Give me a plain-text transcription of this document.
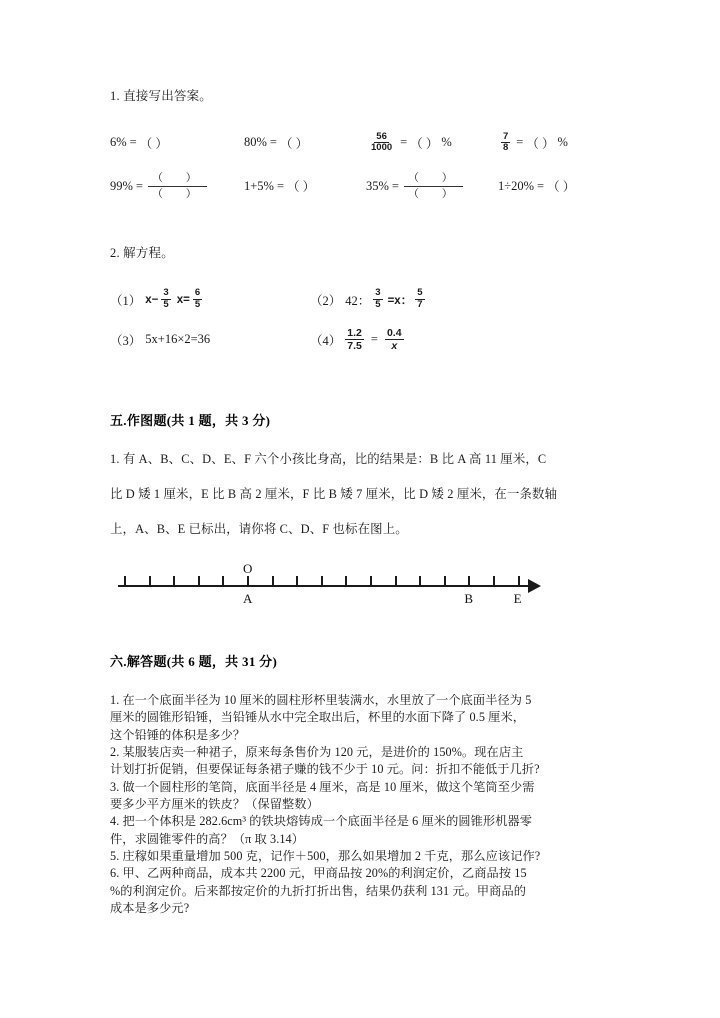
1. 直接写出答案。
6% = （ ）	80% = （ ）	$\frac{56}{1000}$ = （ ） %	$\frac{7}{8}$ = （ ） %
$99\% = \frac{( )}{( )}$	1+5% = （ ）	$35\% = \frac{( )}{( )}$	1÷20% = （ ）
2. 解方程。
（1） $x- \frac{3}{5} x= \frac{6}{5}$	（2） 42： $\frac{3}{5} =x$： $\frac{5}{7}$
（3） 5x+16×2=36	$(4) \frac{1.2}{7.5} = \frac{0.4}{x}$
五.作图题(共 1 题，共 3 分)
1. 有 A、B、C、D、E、F 六个小孩比身高，比的结果是：B 比 A 高 11 厘米，C
比 D 矮 1 厘米，E 比 B 高 2 厘米，F 比 B 矮 7 厘米，比 D 矮 2 厘米，在一条数轴
上，A、B、E 已标出，请你将 C、D、F 也标在图上。
O
A	B	E
六.解答题(共 6 题，共 31 分)
1. 在一个底面半径为 10 厘米的圆柱形杯里装满水，水里放了一个底面半径为 5
厘米的圆锥形铅锤，当铅锤从水中完全取出后，杯里的水面下降了 0.5 厘米，
这个铅锤的体积是多少？
2. 某服装店卖一种裙子，原来每条售价为 120 元，是进价的 150%。现在店主
计划打折促销，但要保证每条裙子赚的钱不少于 10 元。问：折扣不能低于几折?
3. 做一个圆柱形的笔筒，底面半径是 4 厘米，高是 10 厘米，做这个笔筒至少需
要多少平方厘米的铁皮？（保留整数）
4. 把一个体积是 282.6cm³ 的铁块熔铸成一个底面半径是 6 厘米的圆锥形机器零
件，求圆锥零件的高？（π 取 3.14）
5. 庄稼如果重量增加 500 克，记作＋500，那么如果增加 2 千克，那么应该记作?
6. 甲、乙两种商品，成本共 2200 元，甲商品按 20%的利润定价，乙商品按 15
%的利润定价。后来都按定价的九折打折出售，结果仍获利 131 元。甲商品的
成本是多少元?
